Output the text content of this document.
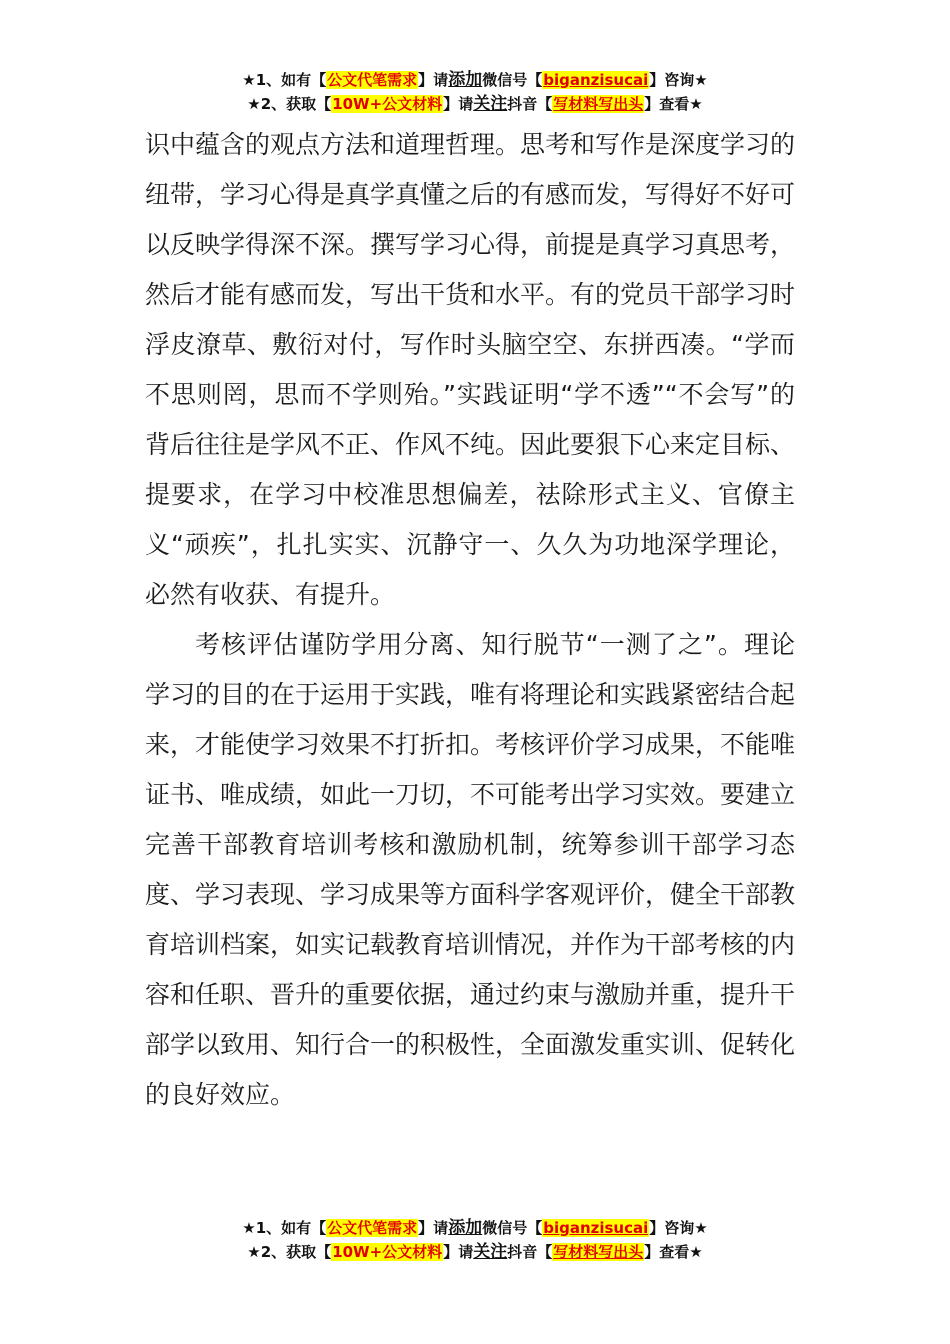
★1、如有【公文代笔需求】请添加微信号【biganzisucai】咨询★
★2、获取【10W+公文材料】请关注抖音【写材料写出头】查看★

识中蕴含的观点方法和道理哲理。思考和写作是深度学习的纽带，学习心得是真学真懂之后的有感而发，写得好不好可以反映学得深不深。撰写学习心得，前提是真学习真思考，然后才能有感而发，写出干货和水平。有的党员干部学习时浮皮潦草、敷衍对付，写作时头脑空空、东拼西凑。“学而不思则罔，思而不学则殆。”实践证明“学不透”“不会写”的背后往往是学风不正、作风不纯。因此要狠下心来定目标、提要求，在学习中校准思想偏差，祛除形式主义、官僚主义“顽疾”，扎扎实实、沉静守一、久久为功地深学理论，必然有收获、有提升。

考核评估谨防学用分离、知行脱节“一测了之”。理论学习的目的在于运用于实践，唯有将理论和实践紧密结合起来，才能使学习效果不打折扣。考核评价学习成果，不能唯证书、唯成绩，如此一刀切，不可能考出学习实效。要建立完善干部教育培训考核和激励机制，统筹参训干部学习态度、学习表现、学习成果等方面科学客观评价，健全干部教育培训档案，如实记载教育培训情况，并作为干部考核的内容和任职、晋升的重要依据，通过约束与激励并重，提升干部学以致用、知行合一的积极性，全面激发重实训、促转化的良好效应。

★1、如有【公文代笔需求】请添加微信号【biganzisucai】咨询★
★2、获取【10W+公文材料】请关注抖音【写材料写出头】查看★
